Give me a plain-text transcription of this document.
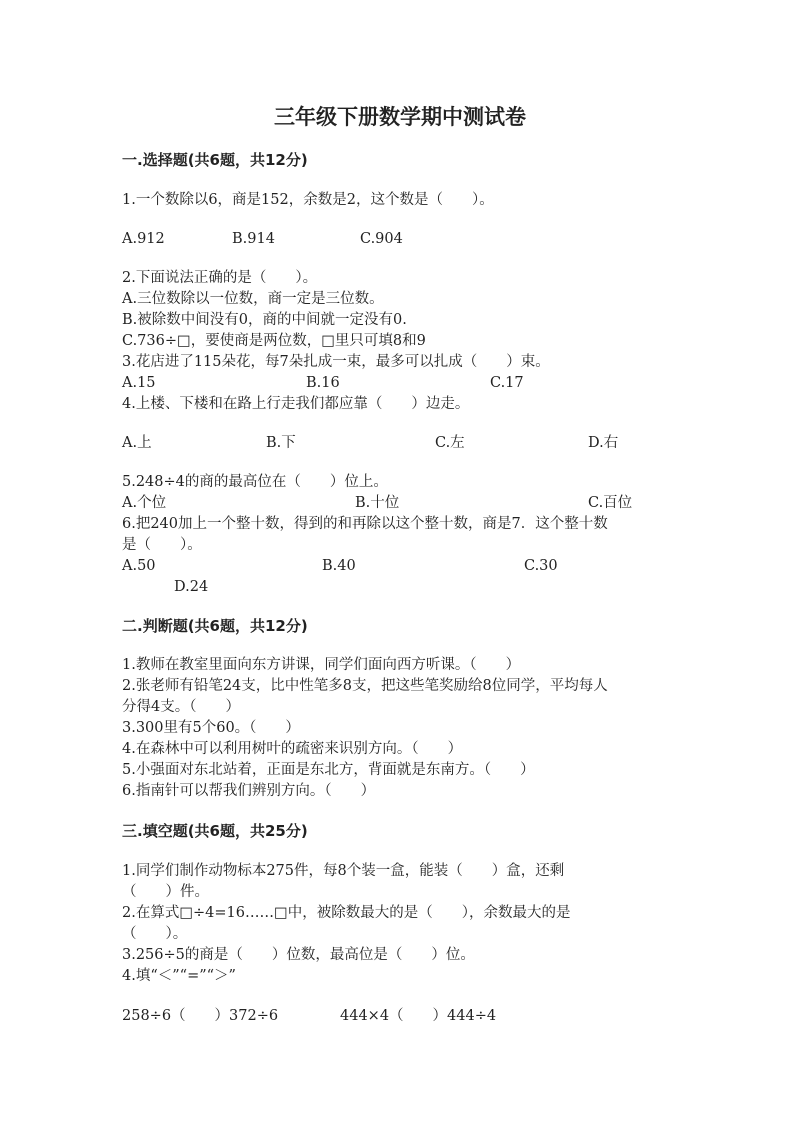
三年级下册数学期中测试卷
一.选择题(共6题，共12分)
1.一个数除以6，商是152，余数是2，这个数是（　　）。
A.912	B.914	C.904
2.下面说法正确的是（　　）。
A.三位数除以一位数，商一定是三位数。
B.被除数中间没有0，商的中间就一定没有0.
C.736÷□，要使商是两位数，□里只可填8和9
3.花店进了115朵花，每7朵扎成一束，最多可以扎成（　　）束。
A.15	B.16	C.17
4.上楼、下楼和在路上行走我们都应靠（　　）边走。
A.上	B.下	C.左	D.右
5.248÷4的商的最高位在（　　）位上。
A.个位	B.十位	C.百位
6.把240加上一个整十数，得到的和再除以这个整十数，商是7．这个整十数
是（　　）。
A.50	B.40	C.30
D.24
二.判断题(共6题，共12分)
1.教师在教室里面向东方讲课，同学们面向西方听课。（　　）
2.张老师有铅笔24支，比中性笔多8支，把这些笔奖励给8位同学，平均每人
分得4支。（　　）
3.300里有5个60。（　　）
4.在森林中可以利用树叶的疏密来识别方向。（　　）
5.小强面对东北站着，正面是东北方，背面就是东南方。（　　）
6.指南针可以帮我们辨别方向。（　　）
三.填空题(共6题，共25分)
1.同学们制作动物标本275件，每8个装一盒，能装（　　）盒，还剩
（　　）件。
2.在算式□÷4=16……□中，被除数最大的是（　　），余数最大的是
（　　）。
3.256÷5的商是（　　）位数，最高位是（　　）位。
4.填“＜”“=”“＞”
258÷6（　　）372÷6	444×4（　　）444÷4
